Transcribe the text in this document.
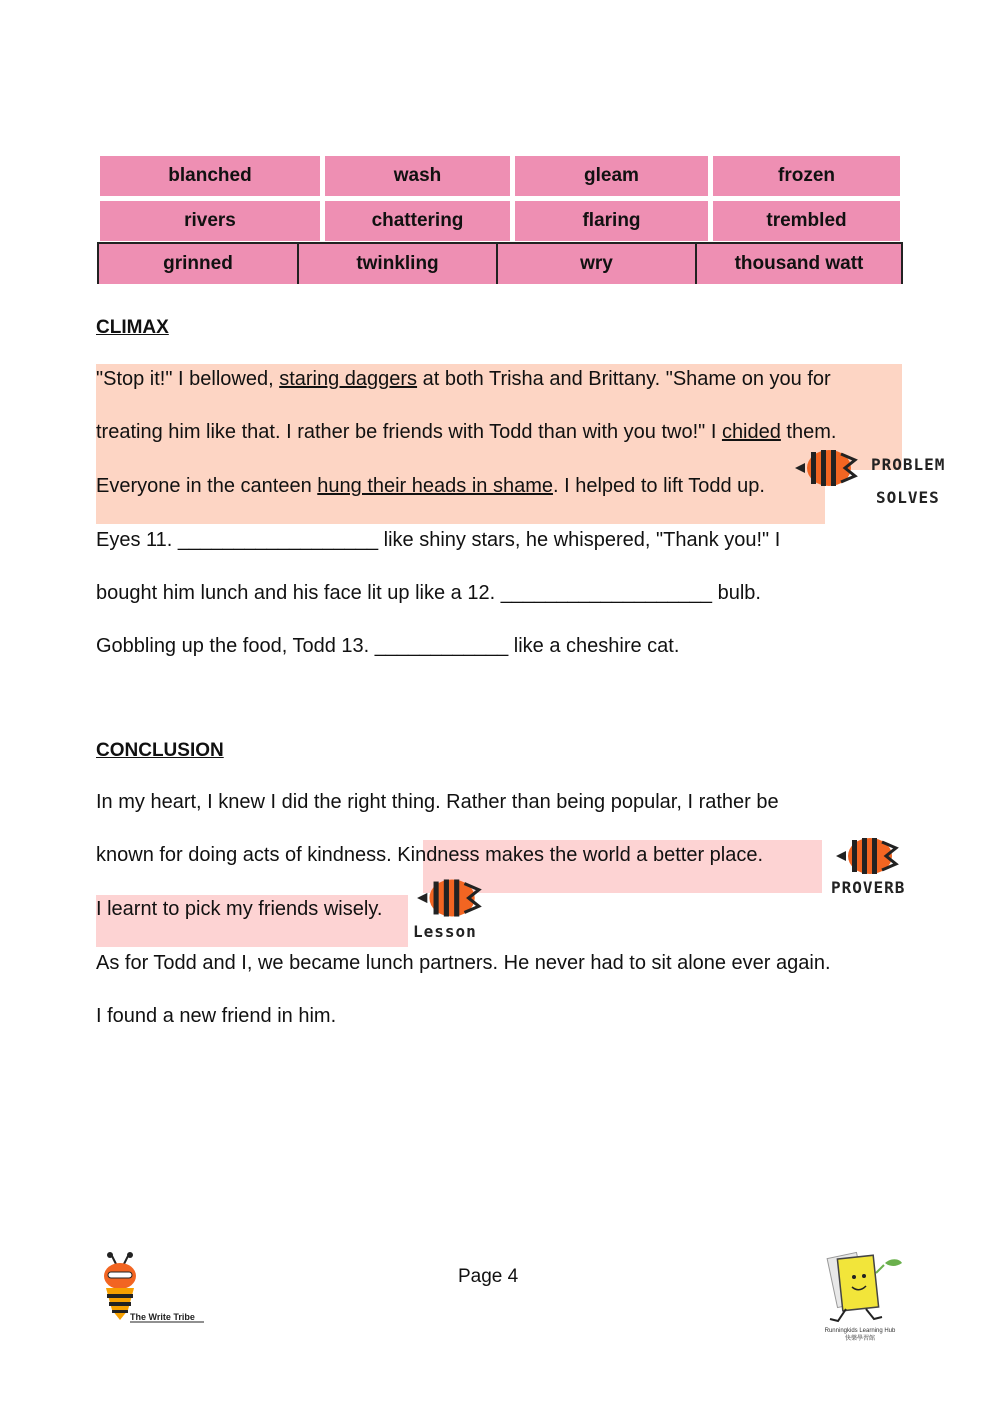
blanched	wash	gleam	frozen
rivers	chattering	flaring	trembled
grinned	twinkling	wry	thousand watt
CLIMAX
"Stop it!" I bellowed, staring daggers at both Trisha and Brittany. "Shame on you for
treating him like that. I rather be friends with Todd than with you two!" I chided them.
Everyone in the canteen hung their heads in shame. I helped to lift Todd up.
PROBLEM
SOLVES
Eyes 11. __________________ like shiny stars, he whispered, "Thank you!" I
bought him lunch and his face lit up like a 12. ___________________ bulb.
Gobbling up the food, Todd 13. ____________ like a cheshire cat.
CONCLUSION
In my heart, I knew I did the right thing. Rather than being popular, I rather be
known for doing acts of kindness. Kindness makes the world a better place.
PROVERB
I learnt to pick my friends wisely.
Lesson
As for Todd and I, we became lunch partners. He never had to sit alone ever again.
I found a new friend in him.
The Write Tribe
Page 4
Runningkids Learning Hub
快樂學習館
